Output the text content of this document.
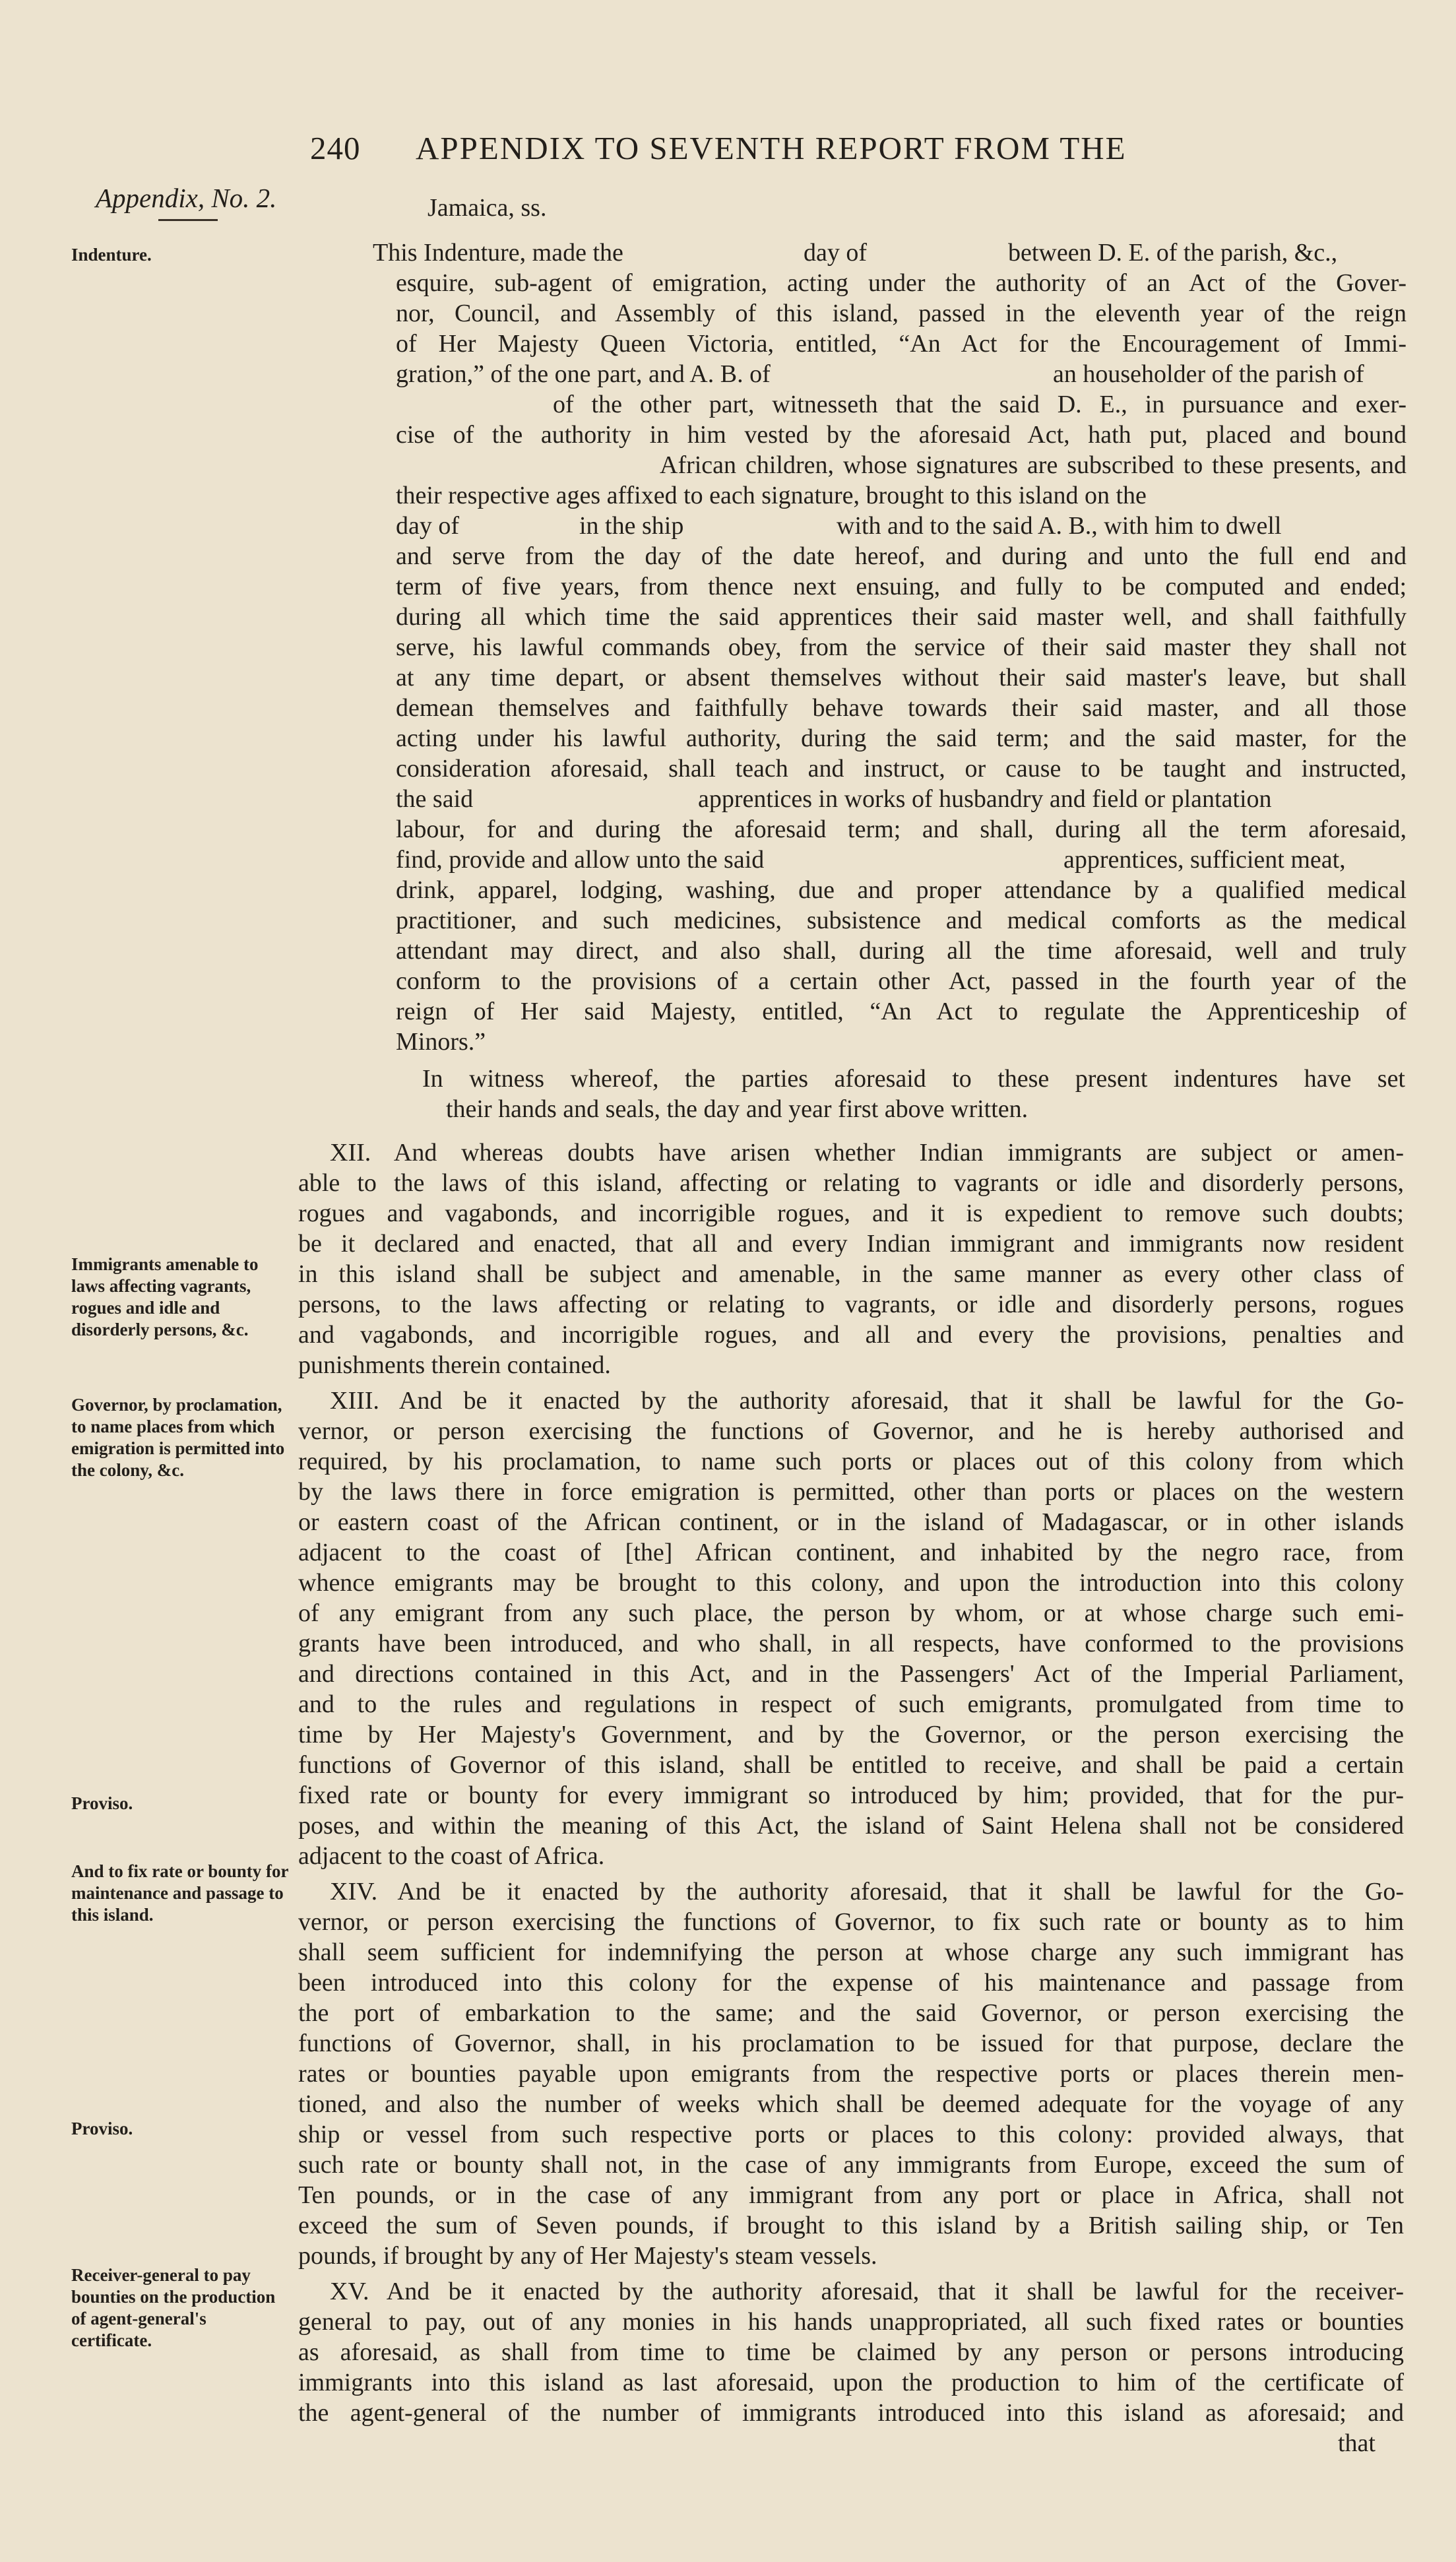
240 APPENDIX TO SEVENTH REPORT FROM THE
Appendix, No. 2.
Indenture.
Immigrants amenable to laws affecting vagrants, rogues and idle and disorderly persons, &c.
Governor, by proclamation, to name places from which emigration is permitted into the colony, &c.
Proviso.
And to fix rate or bounty for maintenance and passage to this island.
Proviso.
Receiver-general to pay bounties on the production of agent-general's certificate.
Jamaica, ss.
This Indenture, made the	day of	between D. E. of the parish, &c.,
esquire, sub-agent of emigration, acting under the authority of an Act of the Gover-
nor, Council, and Assembly of this island, passed in the eleventh year of the reign
of Her Majesty Queen Victoria, entitled, “An Act for the Encouragement of Immi-
gration,” of the one part, and A. B. of	an householder of the parish of
of the other part, witnesseth that the said D. E., in pursuance and exer-
cise of the authority in him vested by the aforesaid Act, hath put, placed and bound
African children, whose signatures are subscribed to these presents, and
their respective ages affixed to each signature, brought to this island on the
day of	in the ship	with and to the said A. B., with him to dwell
and serve from the day of the date hereof, and during and unto the full end and
term of five years, from thence next ensuing, and fully to be computed and ended;
during all which time the said apprentices their said master well, and shall faithfully
serve, his lawful commands obey, from the service of their said master they shall not
at any time depart, or absent themselves without their said master's leave, but shall
demean themselves and faithfully behave towards their said master, and all those
acting under his lawful authority, during the said term; and the said master, for the
consideration aforesaid, shall teach and instruct, or cause to be taught and instructed,
the said	apprentices in works of husbandry and field or plantation
labour, for and during the aforesaid term; and shall, during all the term aforesaid,
find, provide and allow unto the said	apprentices, sufficient meat,
drink, apparel, lodging, washing, due and proper attendance by a qualified medical
practitioner, and such medicines, subsistence and medical comforts as the medical
attendant may direct, and also shall, during all the time aforesaid, well and truly
conform to the provisions of a certain other Act, passed in the fourth year of the
reign of Her said Majesty, entitled, “An Act to regulate the Apprenticeship of
Minors.”
In witness whereof, the parties aforesaid to these present indentures have set
their hands and seals, the day and year first above written.
XII. And whereas doubts have arisen whether Indian immigrants are subject or amen-
able to the laws of this island, affecting or relating to vagrants or idle and disorderly persons,
rogues and vagabonds, and incorrigible rogues, and it is expedient to remove such doubts;
be it declared and enacted, that all and every Indian immigrant and immigrants now resident
in this island shall be subject and amenable, in the same manner as every other class of
persons, to the laws affecting or relating to vagrants, or idle and disorderly persons, rogues
and vagabonds, and incorrigible rogues, and all and every the provisions, penalties and
punishments therein contained.
XIII. And be it enacted by the authority aforesaid, that it shall be lawful for the Go-
vernor, or person exercising the functions of Governor, and he is hereby authorised and
required, by his proclamation, to name such ports or places out of this colony from which
by the laws there in force emigration is permitted, other than ports or places on the western
or eastern coast of the African continent, or in the island of Madagascar, or in other islands
adjacent to the coast of [the] African continent, and inhabited by the negro race, from
whence emigrants may be brought to this colony, and upon the introduction into this colony
of any emigrant from any such place, the person by whom, or at whose charge such emi-
grants have been introduced, and who shall, in all respects, have conformed to the provisions
and directions contained in this Act, and in the Passengers' Act of the Imperial Parliament,
and to the rules and regulations in respect of such emigrants, promulgated from time to
time by Her Majesty's Government, and by the Governor, or the person exercising the
functions of Governor of this island, shall be entitled to receive, and shall be paid a certain
fixed rate or bounty for every immigrant so introduced by him; provided, that for the pur-
poses, and within the meaning of this Act, the island of Saint Helena shall not be considered
adjacent to the coast of Africa.
XIV. And be it enacted by the authority aforesaid, that it shall be lawful for the Go-
vernor, or person exercising the functions of Governor, to fix such rate or bounty as to him
shall seem sufficient for indemnifying the person at whose charge any such immigrant has
been introduced into this colony for the expense of his maintenance and passage from
the port of embarkation to the same; and the said Governor, or person exercising the
functions of Governor, shall, in his proclamation to be issued for that purpose, declare the
rates or bounties payable upon emigrants from the respective ports or places therein men-
tioned, and also the number of weeks which shall be deemed adequate for the voyage of any
ship or vessel from such respective ports or places to this colony: provided always, that
such rate or bounty shall not, in the case of any immigrants from Europe, exceed the sum of
Ten pounds, or in the case of any immigrant from any port or place in Africa, shall not
exceed the sum of Seven pounds, if brought to this island by a British sailing ship, or Ten
pounds, if brought by any of Her Majesty's steam vessels.
XV. And be it enacted by the authority aforesaid, that it shall be lawful for the receiver-
general to pay, out of any monies in his hands unappropriated, all such fixed rates or bounties
as aforesaid, as shall from time to time be claimed by any person or persons introducing
immigrants into this island as last aforesaid, upon the production to him of the certificate of
the agent-general of the number of immigrants introduced into this island as aforesaid; and
that
